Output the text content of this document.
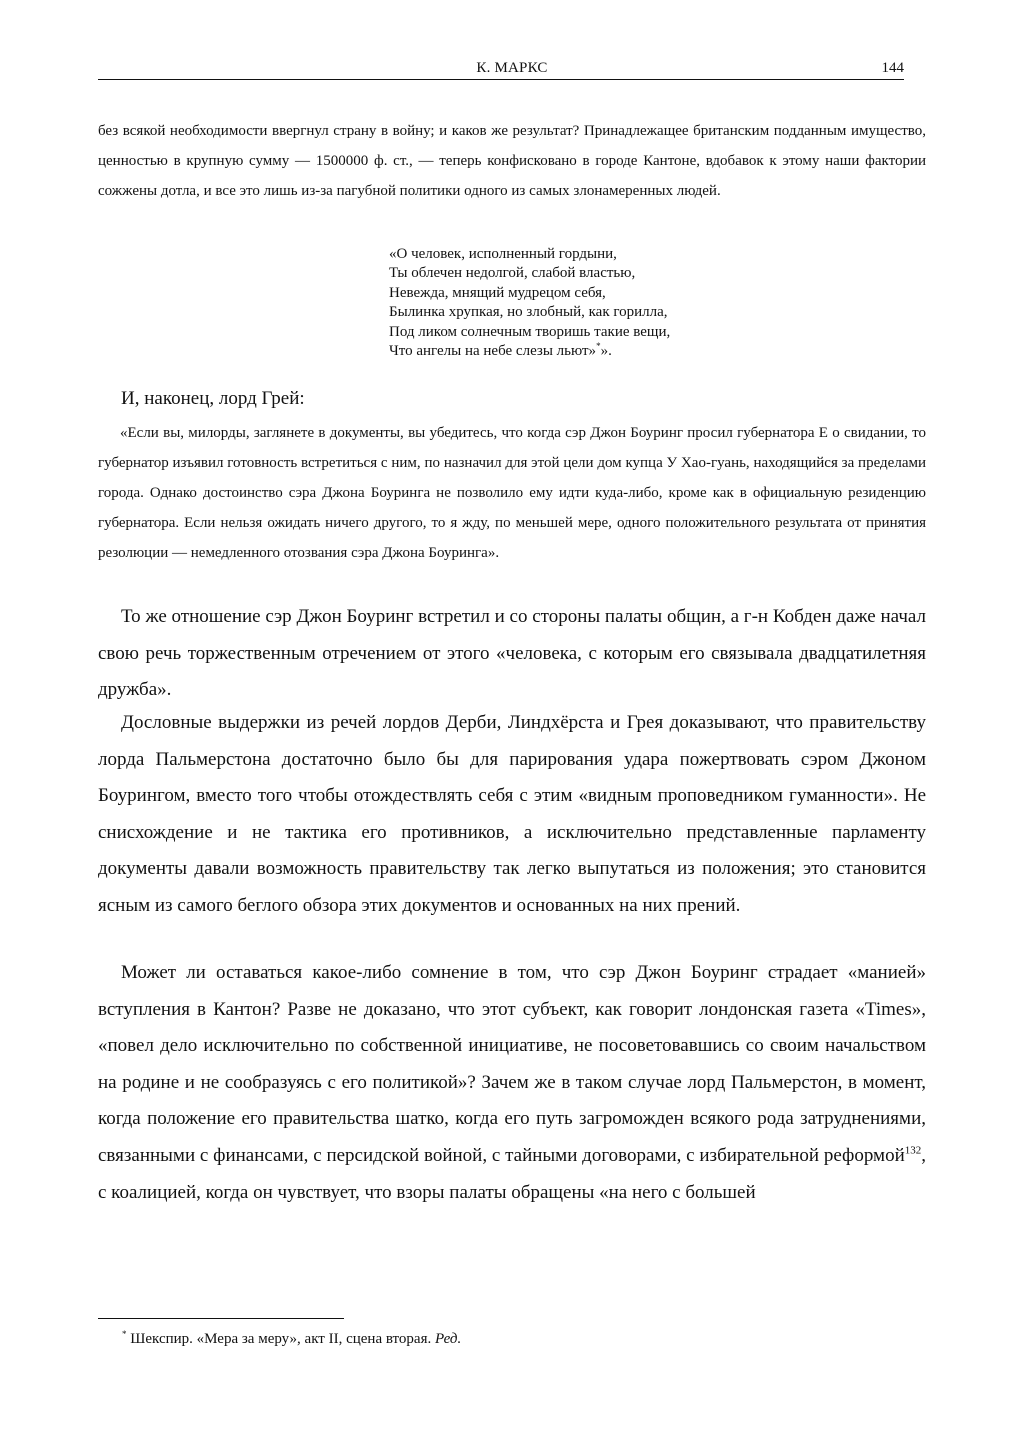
К. МАРКС	144
без всякой необходимости ввергнул страну в войну; и каков же результат? Принадлежащее британским подданным имущество, ценностью в крупную сумму — 1500000 ф. ст., — теперь конфисковано в городе Кантоне, вдобавок к этому наши фактории сожжены дотла, и все это лишь из-за пагубной политики одного из самых злонамеренных людей.
«О человек, исполненный гордыни,
Ты облечен недолгой, слабой властью,
Невежда, мнящий мудрецом себя,
Былинка хрупкая, но злобный, как горилла,
Под ликом солнечным творишь такие вещи,
Что ангелы на небе слезы льют»*».
И, наконец, лорд Грей:
«Если вы, милорды, заглянете в документы, вы убедитесь, что когда сэр Джон Боуринг просил губернатора Е о свидании, то губернатор изъявил готовность встретиться с ним, по назначил для этой цели дом купца У Хао-гуань, находящийся за пределами города. Однако достоинство сэра Джона Боуринга не позволило ему идти куда-либо, кроме как в официальную резиденцию губернатора. Если нельзя ожидать ничего другого, то я жду, по меньшей мере, одного положительного результата от принятия резолюции — немедленного отозвания сэра Джона Боуринга».
То же отношение сэр Джон Боуринг встретил и со стороны палаты общин, а г-н Кобден даже начал свою речь торжественным отречением от этого «человека, с которым его связывала двадцатилетняя дружба».
Дословные выдержки из речей лордов Дерби, Линдхёрста и Грея доказывают, что правительству лорда Пальмерстона достаточно было бы для парирования удара пожертвовать сэром Джоном Боурингом, вместо того чтобы отождествлять себя с этим «видным проповедником гуманности». Не снисхождение и не тактика его противников, а исключительно представленные парламенту документы давали возможность правительству так легко выпутаться из положения; это становится ясным из самого беглого обзора этих документов и основанных на них прений.
Может ли оставаться какое-либо сомнение в том, что сэр Джон Боуринг страдает «манией» вступления в Кантон? Разве не доказано, что этот субъект, как говорит лондонская газета «Times», «повел дело исключительно по собственной инициативе, не посоветовавшись со своим начальством на родине и не сообразуясь с его политикой»? Зачем же в таком случае лорд Пальмерстон, в момент, когда положение его правительства шатко, когда его путь загроможден всякого рода затруднениями, связанными с финансами, с персидской войной, с тайными договорами, с избирательной реформой$^{132}$, с коалицией, когда он чувствует, что взоры палаты обращены «на него с большей
* Шекспир. «Мера за меру», акт II, сцена вторая. Ред.
